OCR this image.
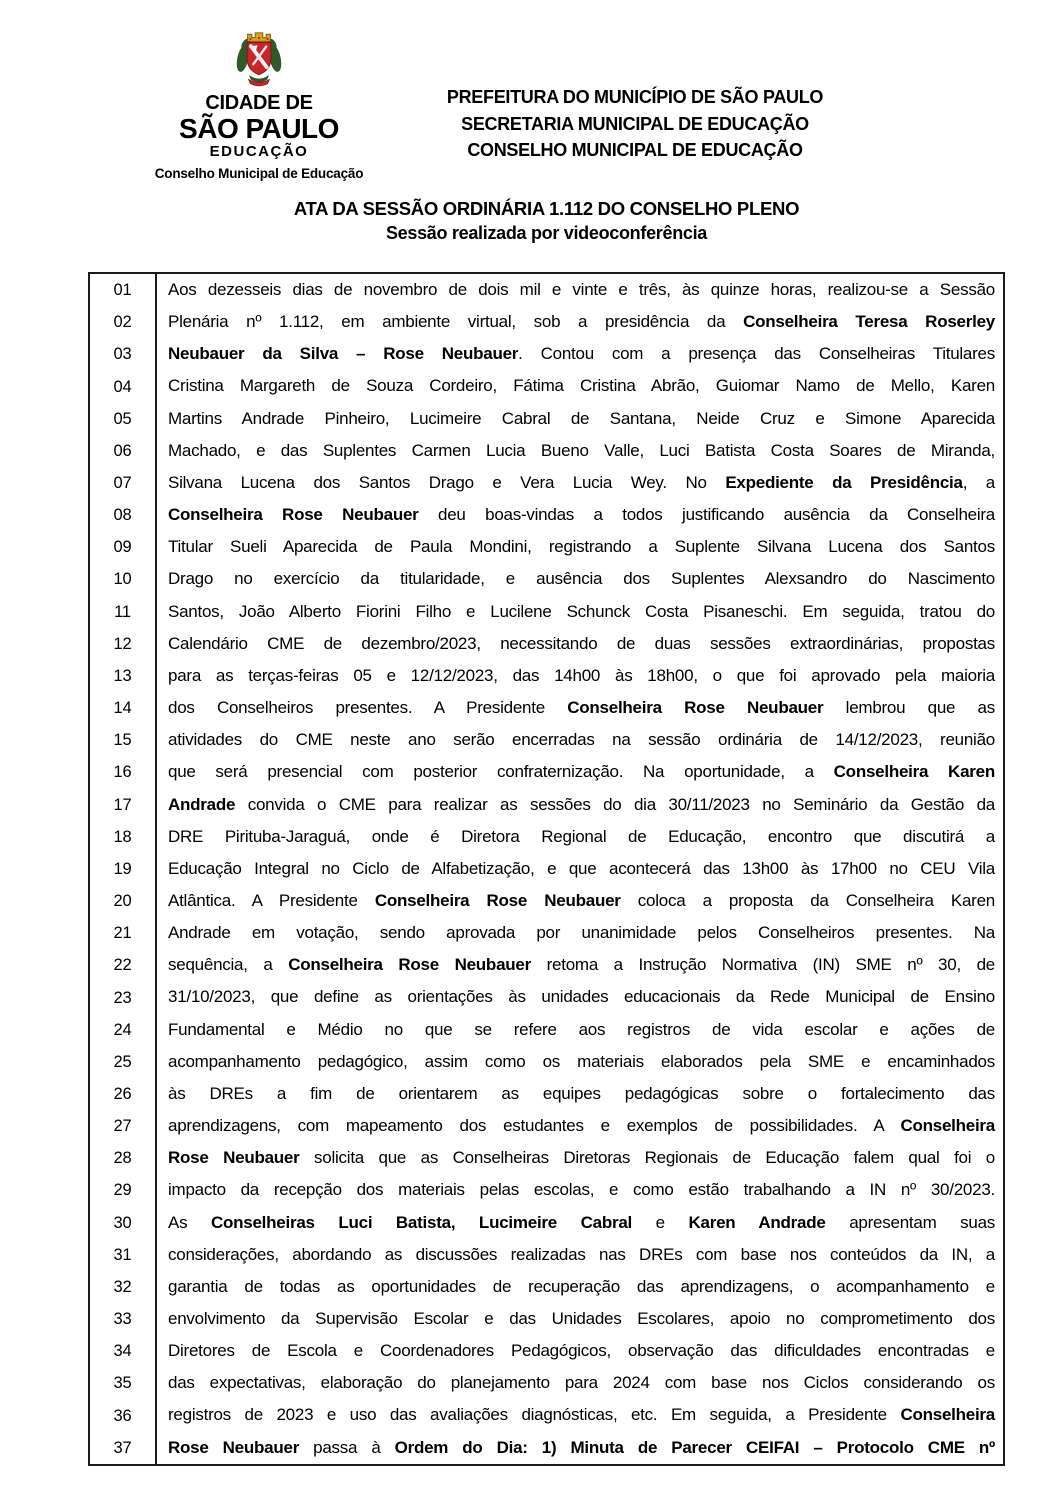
CIDADE DE
SÃO PAULO
EDUCAÇÃO
Conselho Municipal de Educação
PREFEITURA DO MUNICÍPIO DE SÃO PAULO
SECRETARIA MUNICIPAL DE EDUCAÇÃO
CONSELHO MUNICIPAL DE EDUCAÇÃO
ATA DA SESSÃO ORDINÁRIA 1.112 DO CONSELHO PLENO
Sessão realizada por videoconferência
01	Aos dezesseis dias de novembro de dois mil e vinte e três, às quinze horas, realizou-se a Sessão
02	Plenária nº 1.112, em ambiente virtual, sob a presidência da Conselheira Teresa Roserley
03	Neubauer da Silva – Rose Neubauer. Contou com a presença das Conselheiras Titulares
04	Cristina Margareth de Souza Cordeiro, Fátima Cristina Abrão, Guiomar Namo de Mello, Karen
05	Martins Andrade Pinheiro, Lucimeire Cabral de Santana, Neide Cruz e Simone Aparecida
06	Machado, e das Suplentes Carmen Lucia Bueno Valle, Luci Batista Costa Soares de Miranda,
07	Silvana Lucena dos Santos Drago e Vera Lucia Wey. No Expediente da Presidência, a
08	Conselheira Rose Neubauer deu boas-vindas a todos justificando ausência da Conselheira
09	Titular Sueli Aparecida de Paula Mondini, registrando a Suplente Silvana Lucena dos Santos
10	Drago no exercício da titularidade, e ausência dos Suplentes Alexsandro do Nascimento
11	Santos, João Alberto Fiorini Filho e Lucilene Schunck Costa Pisaneschi. Em seguida, tratou do
12	Calendário CME de dezembro/2023, necessitando de duas sessões extraordinárias, propostas
13	para as terças-feiras 05 e 12/12/2023, das 14h00 às 18h00, o que foi aprovado pela maioria
14	dos Conselheiros presentes. A Presidente Conselheira Rose Neubauer lembrou que as
15	atividades do CME neste ano serão encerradas na sessão ordinária de 14/12/2023, reunião
16	que será presencial com posterior confraternização. Na oportunidade, a Conselheira Karen
17	Andrade convida o CME para realizar as sessões do dia 30/11/2023 no Seminário da Gestão da
18	DRE Pirituba-Jaraguá, onde é Diretora Regional de Educação, encontro que discutirá a
19	Educação Integral no Ciclo de Alfabetização, e que acontecerá das 13h00 às 17h00 no CEU Vila
20	Atlântica. A Presidente Conselheira Rose Neubauer coloca a proposta da Conselheira Karen
21	Andrade em votação, sendo aprovada por unanimidade pelos Conselheiros presentes. Na
22	sequência, a Conselheira Rose Neubauer retoma a Instrução Normativa (IN) SME nº 30, de
23	31/10/2023, que define as orientações às unidades educacionais da Rede Municipal de Ensino
24	Fundamental e Médio no que se refere aos registros de vida escolar e ações de
25	acompanhamento pedagógico, assim como os materiais elaborados pela SME e encaminhados
26	às DREs a fim de orientarem as equipes pedagógicas sobre o fortalecimento das
27	aprendizagens, com mapeamento dos estudantes e exemplos de possibilidades. A Conselheira
28	Rose Neubauer solicita que as Conselheiras Diretoras Regionais de Educação falem qual foi o
29	impacto da recepção dos materiais pelas escolas, e como estão trabalhando a IN nº 30/2023.
30	As Conselheiras Luci Batista, Lucimeire Cabral e Karen Andrade apresentam suas
31	considerações, abordando as discussões realizadas nas DREs com base nos conteúdos da IN, a
32	garantia de todas as oportunidades de recuperação das aprendizagens, o acompanhamento e
33	envolvimento da Supervisão Escolar e das Unidades Escolares, apoio no comprometimento dos
34	Diretores de Escola e Coordenadores Pedagógicos, observação das dificuldades encontradas e
35	das expectativas, elaboração do planejamento para 2024 com base nos Ciclos considerando os
36	registros de 2023 e uso das avaliações diagnósticas, etc. Em seguida, a Presidente Conselheira
37	Rose Neubauer passa à Ordem do Dia: 1) Minuta de Parecer CEIFAI – Protocolo CME nº
